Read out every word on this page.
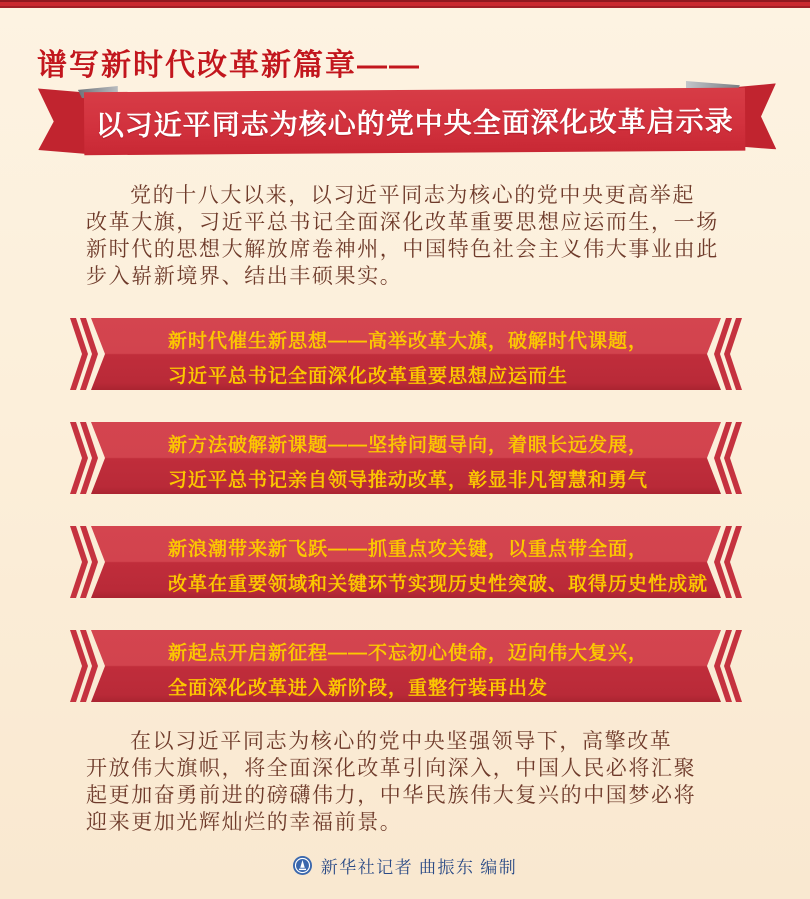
谱写新时代改革新篇章——
以习近平同志为核心的党中央全面深化改革启示录
党的十八大以来，以习近平同志为核心的党中央更高举起
改革大旗，习近平总书记全面深化改革重要思想应运而生，一场
新时代的思想大解放席卷神州，中国特色社会主义伟大事业由此
步入崭新境界、结出丰硕果实。
新时代催生新思想——高举改革大旗，破解时代课题，
习近平总书记全面深化改革重要思想应运而生
新方法破解新课题——坚持问题导向，着眼长远发展，
习近平总书记亲自领导推动改革，彰显非凡智慧和勇气
新浪潮带来新飞跃——抓重点攻关键，以重点带全面，
改革在重要领域和关键环节实现历史性突破、取得历史性成就
新起点开启新征程——不忘初心使命，迈向伟大复兴，
全面深化改革进入新阶段，重整行装再出发
在以习近平同志为核心的党中央坚强领导下，高擎改革
开放伟大旗帜，将全面深化改革引向深入，中国人民必将汇聚
起更加奋勇前进的磅礴伟力，中华民族伟大复兴的中国梦必将
迎来更加光辉灿烂的幸福前景。
新华社记者 曲振东 编制
